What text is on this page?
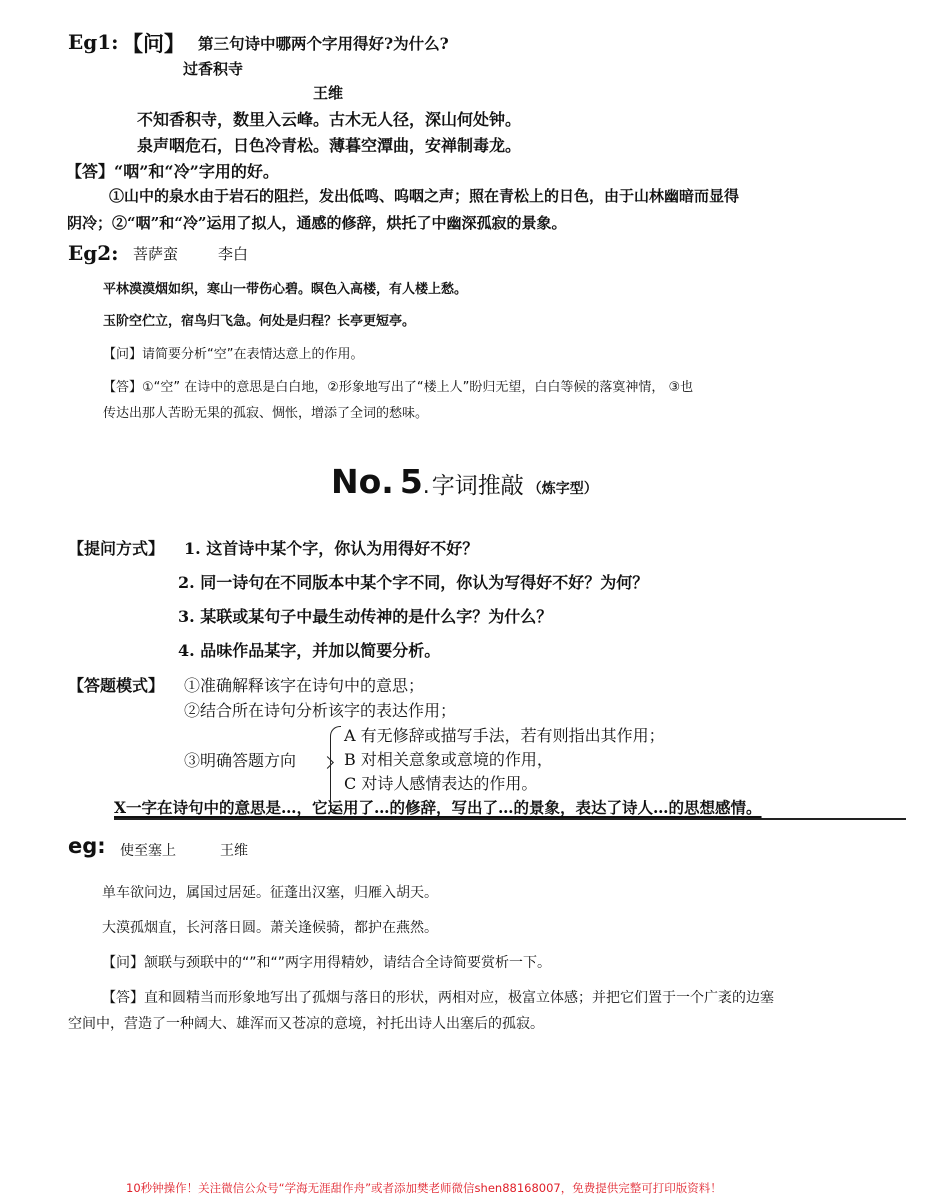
Eg1: 【问】 第三句诗中哪两个字用得好?为什么?
过香积寺
王维
不知香积寺，数里入云峰。古木无人径，深山何处钟。
泉声咽危石，日色冷青松。薄暮空潭曲，安禅制毒龙。
【答】“咽”和“冷”字用的好。
①山中的泉水由于岩石的阻拦，发出低鸣、呜咽之声；照在青松上的日色，由于山林幽暗而显得
阴冷；②“咽”和“冷”运用了拟人，通感的修辞，烘托了中幽深孤寂的景象。
Eg2: 菩萨蛮	李白
平林漠漠烟如织，寒山一带伤心碧。暝色入高楼，有人楼上愁。
玉阶空伫立，宿鸟归飞急。何处是归程？长亭更短亭。
【问】请简要分析“空”在表情达意上的作用。
【答】①“空” 在诗中的意思是白白地，②形象地写出了“楼上人”盼归无望，白白等候的落寞神情， ③也
传达出那人苦盼无果的孤寂、惆怅，增添了全词的愁味。
No. 5.字词推敲 （炼字型）
【提问方式】 1. 这首诗中某个字，你认为用得好不好？
2. 同一诗句在不同版本中某个字不同，你认为写得好不好？为何？
3. 某联或某句子中最生动传神的是什么字？为什么？
4. 品味作品某字，并加以简要分析。
【答题模式】 ①准确解释该字在诗句中的意思；
②结合所在诗句分析该字的表达作用；
③明确答题方向
A 有无修辞或描写手法，若有则指出其作用；
B 对相关意象或意境的作用，
C 对诗人感情表达的作用。
X一字在诗句中的意思是…，它运用了…的修辞，写出了…的景象，表达了诗人…的思想感情。
eg: 使至塞上	王维
单车欲问边，属国过居延。征蓬出汉塞，归雁入胡天。
大漠孤烟直，长河落日圆。萧关逢候骑，都护在燕然。
【问】颔联与颈联中的“”和“”两字用得精妙，请结合全诗简要赏析一下。
【答】直和圆精当而形象地写出了孤烟与落日的形状，两相对应，极富立体感；并把它们置于一个广袤的边塞
空间中，营造了一种阔大、雄浑而又苍凉的意境，衬托出诗人出塞后的孤寂。
10秒钟操作！关注微信公众号“学海无涯甜作舟”或者添加樊老师微信shen88168007，免费提供完整可打印版资料！
